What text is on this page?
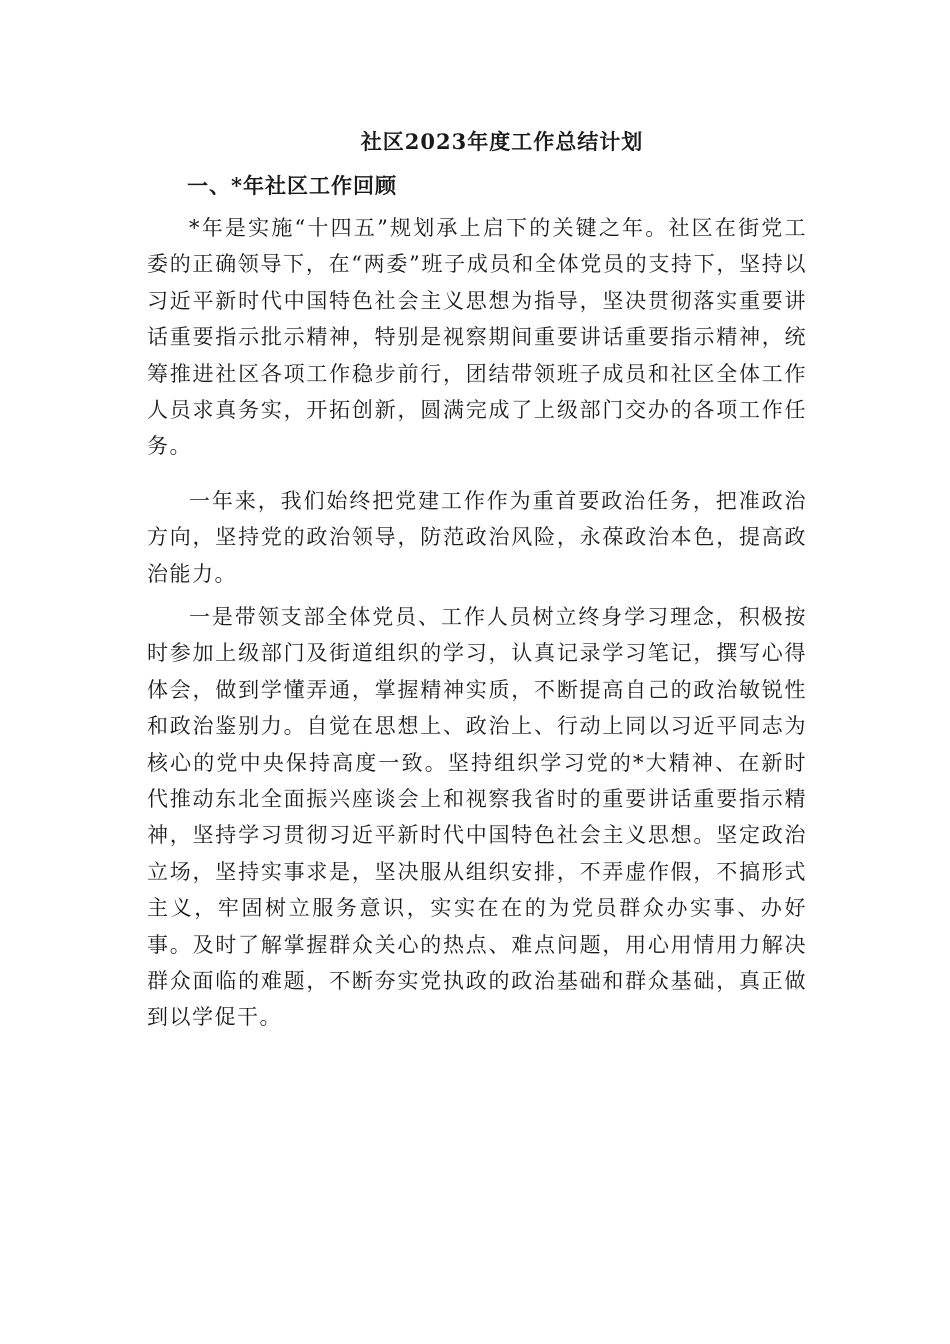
社区2023年度工作总结计划
一、*年社区工作回顾

*年是实施“十四五”规划承上启下的关键之年。社区在街党工委的正确领导下，在“两委”班子成员和全体党员的支持下，坚持以习近平新时代中国特色社会主义思想为指导，坚决贯彻落实重要讲话重要指示批示精神，特别是视察期间重要讲话重要指示精神，统筹推进社区各项工作稳步前行，团结带领班子成员和社区全体工作人员求真务实，开拓创新，圆满完成了上级部门交办的各项工作任务。

一年来，我们始终把党建工作作为重首要政治任务，把准政治方向，坚持党的政治领导，防范政治风险，永葆政治本色，提高政治能力。

一是带领支部全体党员、工作人员树立终身学习理念，积极按时参加上级部门及街道组织的学习，认真记录学习笔记，撰写心得体会，做到学懂弄通，掌握精神实质，不断提高自己的政治敏锐性和政治鉴别力。自觉在思想上、政治上、行动上同以习近平同志为核心的党中央保持高度一致。坚持组织学习党的*大精神、在新时代推动东北全面振兴座谈会上和视察我省时的重要讲话重要指示精神，坚持学习贯彻习近平新时代中国特色社会主义思想。坚定政治立场，坚持实事求是，坚决服从组织安排，不弄虚作假，不搞形式主义，牢固树立服务意识，实实在在的为党员群众办实事、办好事。及时了解掌握群众关心的热点、难点问题，用心用情用力解决群众面临的难题，不断夯实党执政的政治基础和群众基础，真正做到以学促干。
